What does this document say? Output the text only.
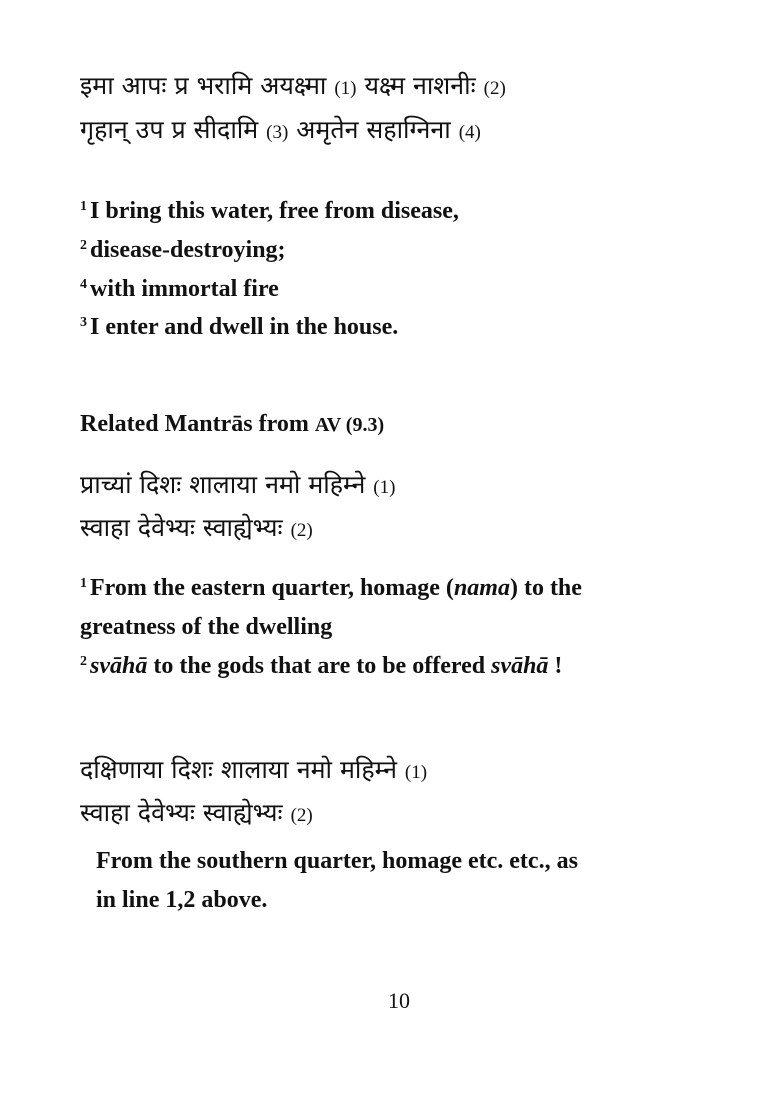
इमा आपः प्र भरामि अयक्ष्मा (1) यक्ष्म नाशनीः (2)
गृहान् उप प्र सीदामि (3) अमृतेन सहाग्निना (4)
$^1$ I bring this water, free from disease,
$^2$ disease-destroying;
$^4$ with immortal fire
$^3$ I enter and dwell in the house.
Related Mantrās from AV (9.3)
प्राच्यां दिशः शालाया नमो महिम्ने (1)
स्वाहा देवेभ्यः स्वाह्येभ्यः (2)
$^1$ From the eastern quarter, homage (nama) to the
greatness of the dwelling
$^2$ svāhā to the gods that are to be offered svāhā !
दक्षिणाया दिशः शालाया नमो महिम्ने (1)
स्वाहा देवेभ्यः स्वाह्येभ्यः (2)
From the southern quarter, homage etc. etc., as
in line 1,2 above.
10
